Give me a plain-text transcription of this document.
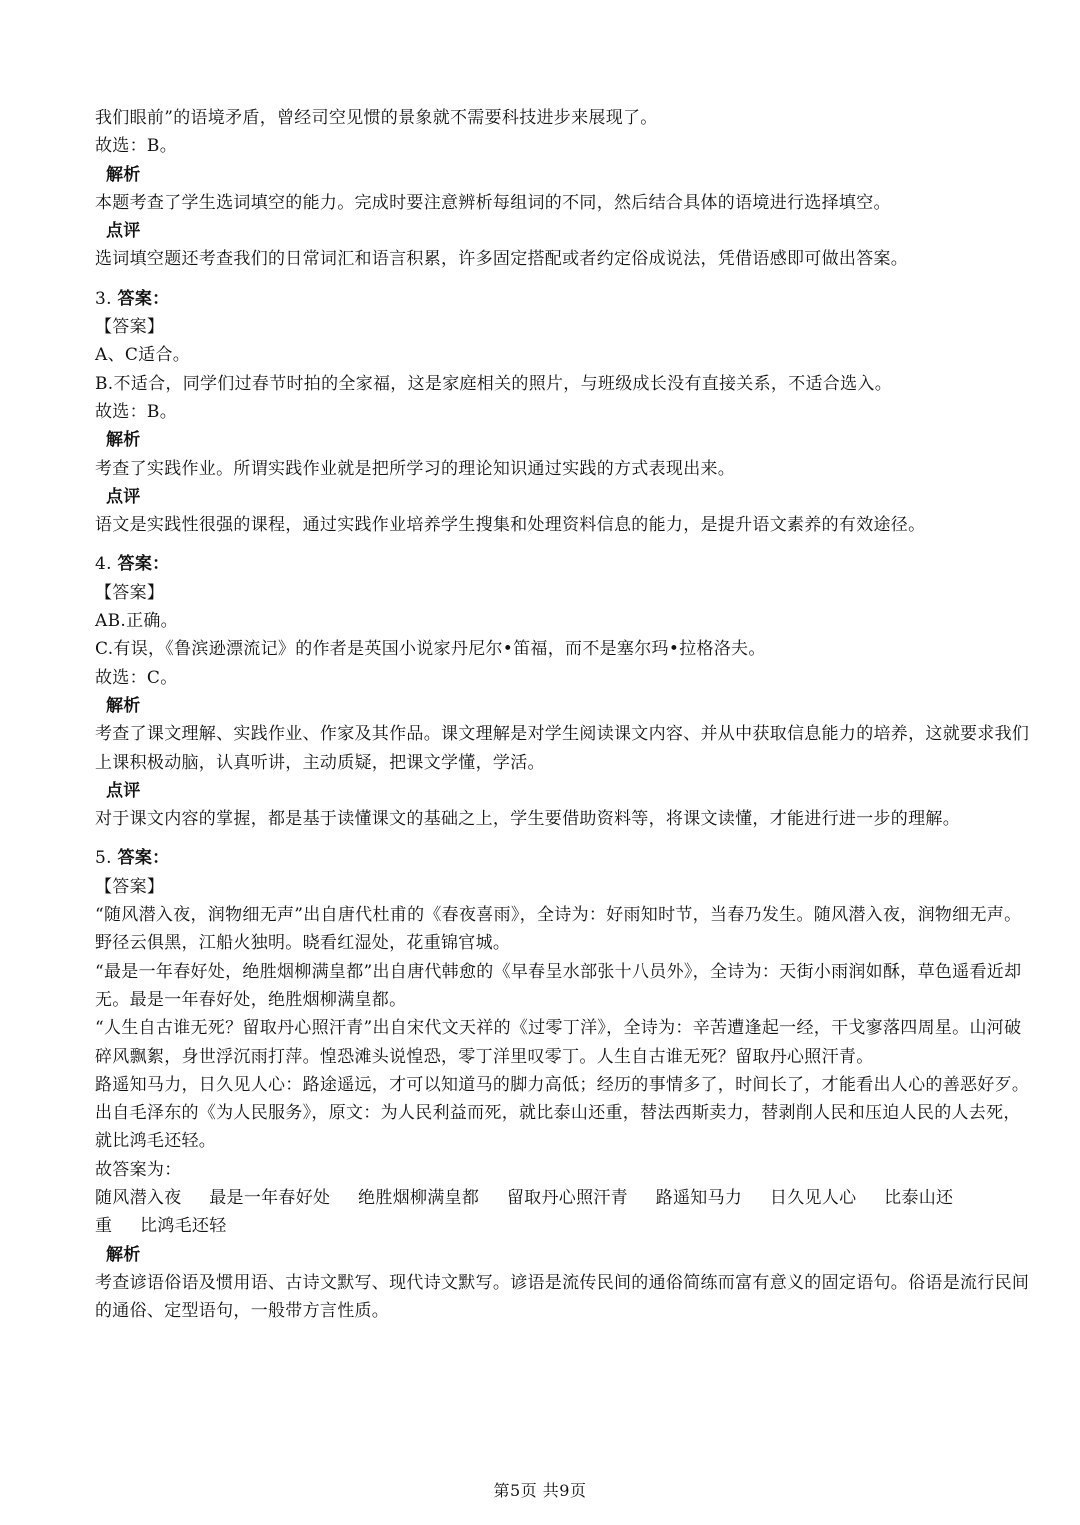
我们眼前”的语境矛盾，曾经司空见惯的景象就不需要科技进步来展现了。
故选：B。
解析
本题考查了学生选词填空的能力。完成时要注意辨析每组词的不同，然后结合具体的语境进行选择填空。
点评
选词填空题还考查我们的日常词汇和语言积累，许多固定搭配或者约定俗成说法，凭借语感即可做出答案。
3. 答案：
【答案】
A、C适合。
B.不适合，同学们过春节时拍的全家福，这是家庭相关的照片，与班级成长没有直接关系，不适合选入。
故选：B。
解析
考查了实践作业。所谓实践作业就是把所学习的理论知识通过实践的方式表现出来。
点评
语文是实践性很强的课程，通过实践作业培养学生搜集和处理资料信息的能力，是提升语文素养的有效途径。
4. 答案：
【答案】
AB.正确。
C.有误，《鲁滨逊漂流记》的作者是英国小说家丹尼尔•笛福，而不是塞尔玛•拉格洛夫。
故选：C。
解析
考查了课文理解、实践作业、作家及其作品。课文理解是对学生阅读课文内容、并从中获取信息能力的培养，这就要求我们上课积极动脑，认真听讲，主动质疑，把课文学懂，学活。
点评
对于课文内容的掌握，都是基于读懂课文的基础之上，学生要借助资料等，将课文读懂，才能进行进一步的理解。
5. 答案：
【答案】
“随风潜入夜，润物细无声”出自唐代杜甫的《春夜喜雨》，全诗为：好雨知时节，当春乃发生。随风潜入夜，润物细无声。野径云俱黑，江船火独明。晓看红湿处，花重锦官城。
“最是一年春好处，绝胜烟柳满皇都”出自唐代韩愈的《早春呈水部张十八员外》，全诗为：天街小雨润如酥，草色遥看近却无。最是一年春好处，绝胜烟柳满皇都。
“人生自古谁无死？留取丹心照汗青”出自宋代文天祥的《过零丁洋》，全诗为：辛苦遭逢起一经，干戈寥落四周星。山河破碎风飘絮，身世浮沉雨打萍。惶恐滩头说惶恐，零丁洋里叹零丁。人生自古谁无死？留取丹心照汗青。
路遥知马力，日久见人心：路途遥远，才可以知道马的脚力高低；经历的事情多了，时间长了，才能看出人心的善恶好歹。
出自毛泽东的《为人民服务》，原文：为人民利益而死，就比泰山还重，替法西斯卖力，替剥削人民和压迫人民的人去死，就比鸿毛还轻。
故答案为：
随风潜入夜 最是一年春好处 绝胜烟柳满皇都 留取丹心照汗青 路遥知马力 日久见人心 比泰山还
重 比鸿毛还轻
解析
考查谚语俗语及惯用语、古诗文默写、现代诗文默写。谚语是流传民间的通俗简练而富有意义的固定语句。俗语是流行民间的通俗、定型语句，一般带方言性质。
第5页 共9页
